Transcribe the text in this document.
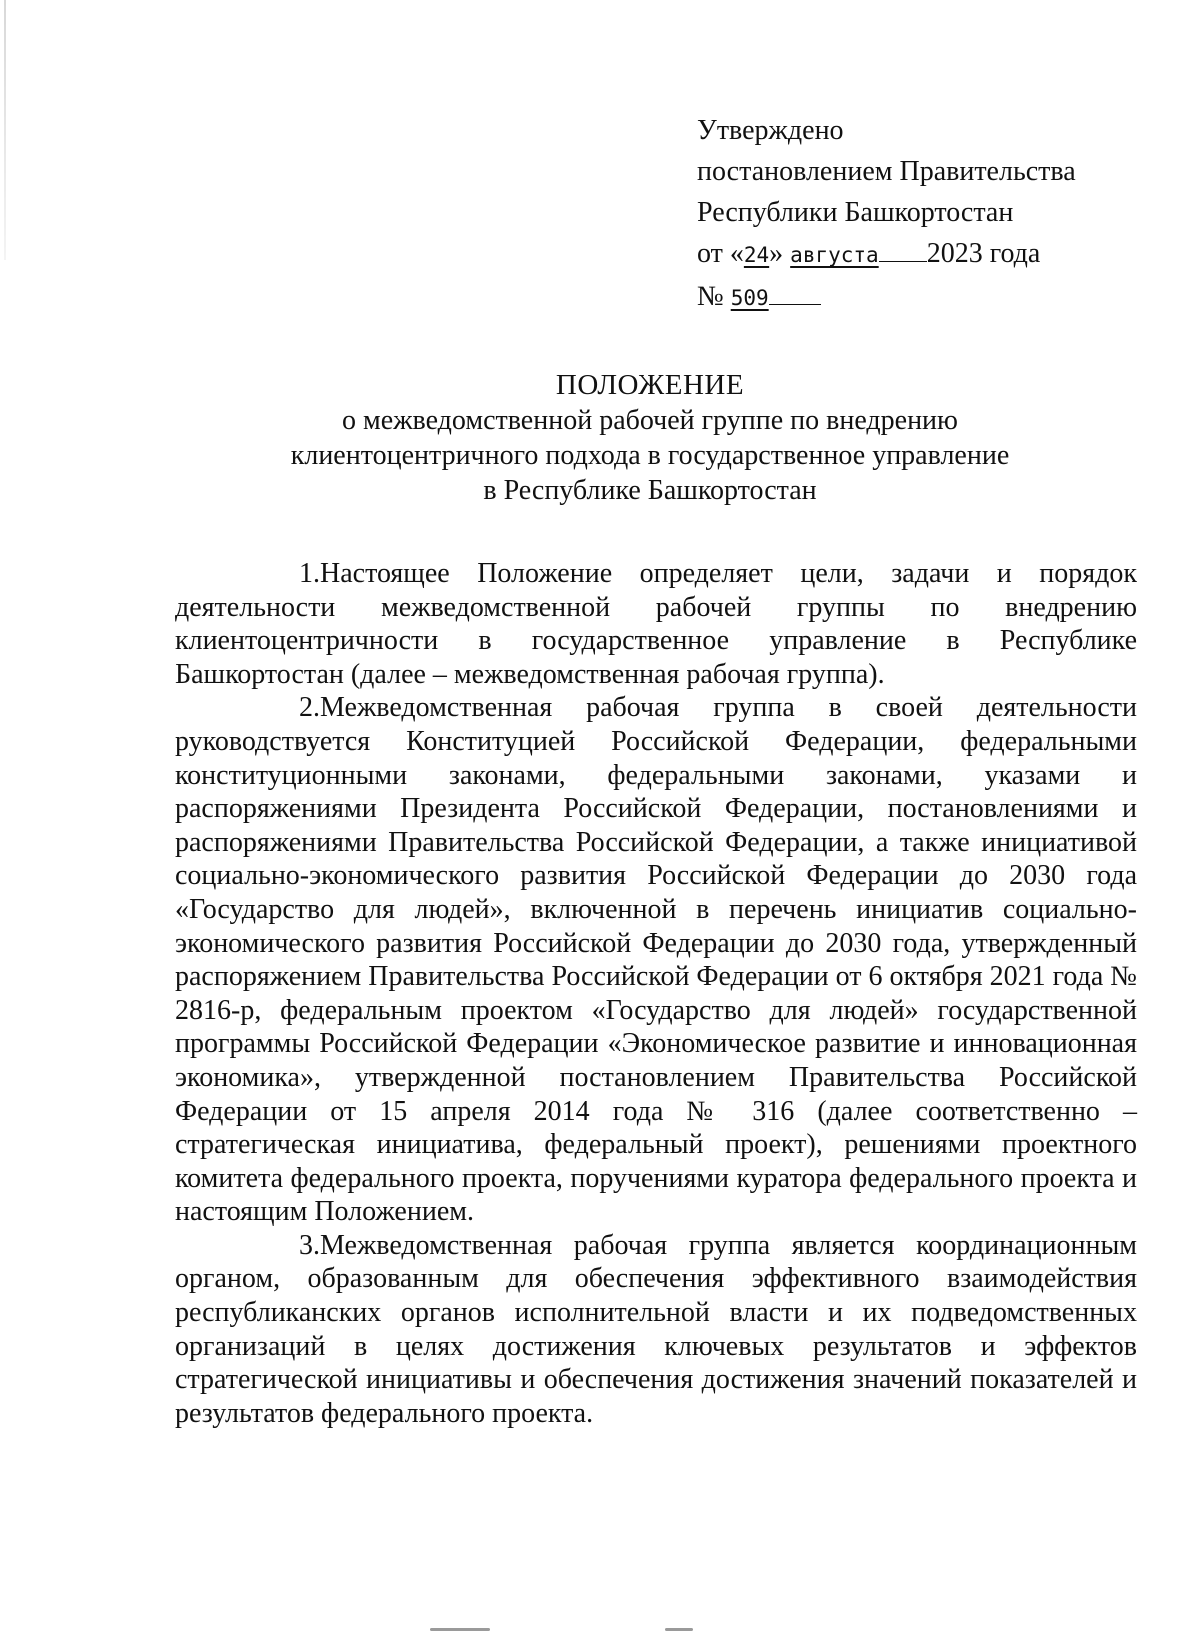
Утверждено
постановлением Правительства
Республики Башкортостан
от «24» августа 2023 года
№ 509
ПОЛОЖЕНИЕ
о межведомственной рабочей группе по внедрению
клиентоцентричного подхода в государственное управление
в Республике Башкортостан

1.Настоящее Положение определяет цели, задачи и порядок деятельности межведомственной рабочей группы по внедрению клиентоцентричности в государственное управление в Республике Башкортостан (далее – межведомственная рабочая группа).

2.Межведомственная рабочая группа в своей деятельности руководствуется Конституцией Российской Федерации, федеральными конституционными законами, федеральными законами, указами и распоряжениями Президента Российской Федерации, постановлениями и распоряжениями Правительства Российской Федерации, а также инициативой социально-экономического развития Российской Федерации до 2030 года «Государство для людей», включенной в перечень инициатив социально-экономического развития Российской Федерации до 2030 года, утвержденный распоряжением Правительства Российской Федерации от 6 октября 2021 года № 2816-р, федеральным проектом «Государство для людей» государственной программы Российской Федерации «Экономическое развитие и инновационная экономика», утвержденной постановлением Правительства Российской Федерации от 15 апреля 2014 года № 316 (далее соответственно – стратегическая инициатива, федеральный проект), решениями проектного комитета федерального проекта, поручениями куратора федерального проекта и настоящим Положением.

3.Межведомственная рабочая группа является координационным органом, образованным для обеспечения эффективного взаимодействия республиканских органов исполнительной власти и их подведомственных организаций в целях достижения ключевых результатов и эффектов стратегической инициативы и обеспечения достижения значений показателей и результатов федерального проекта.
